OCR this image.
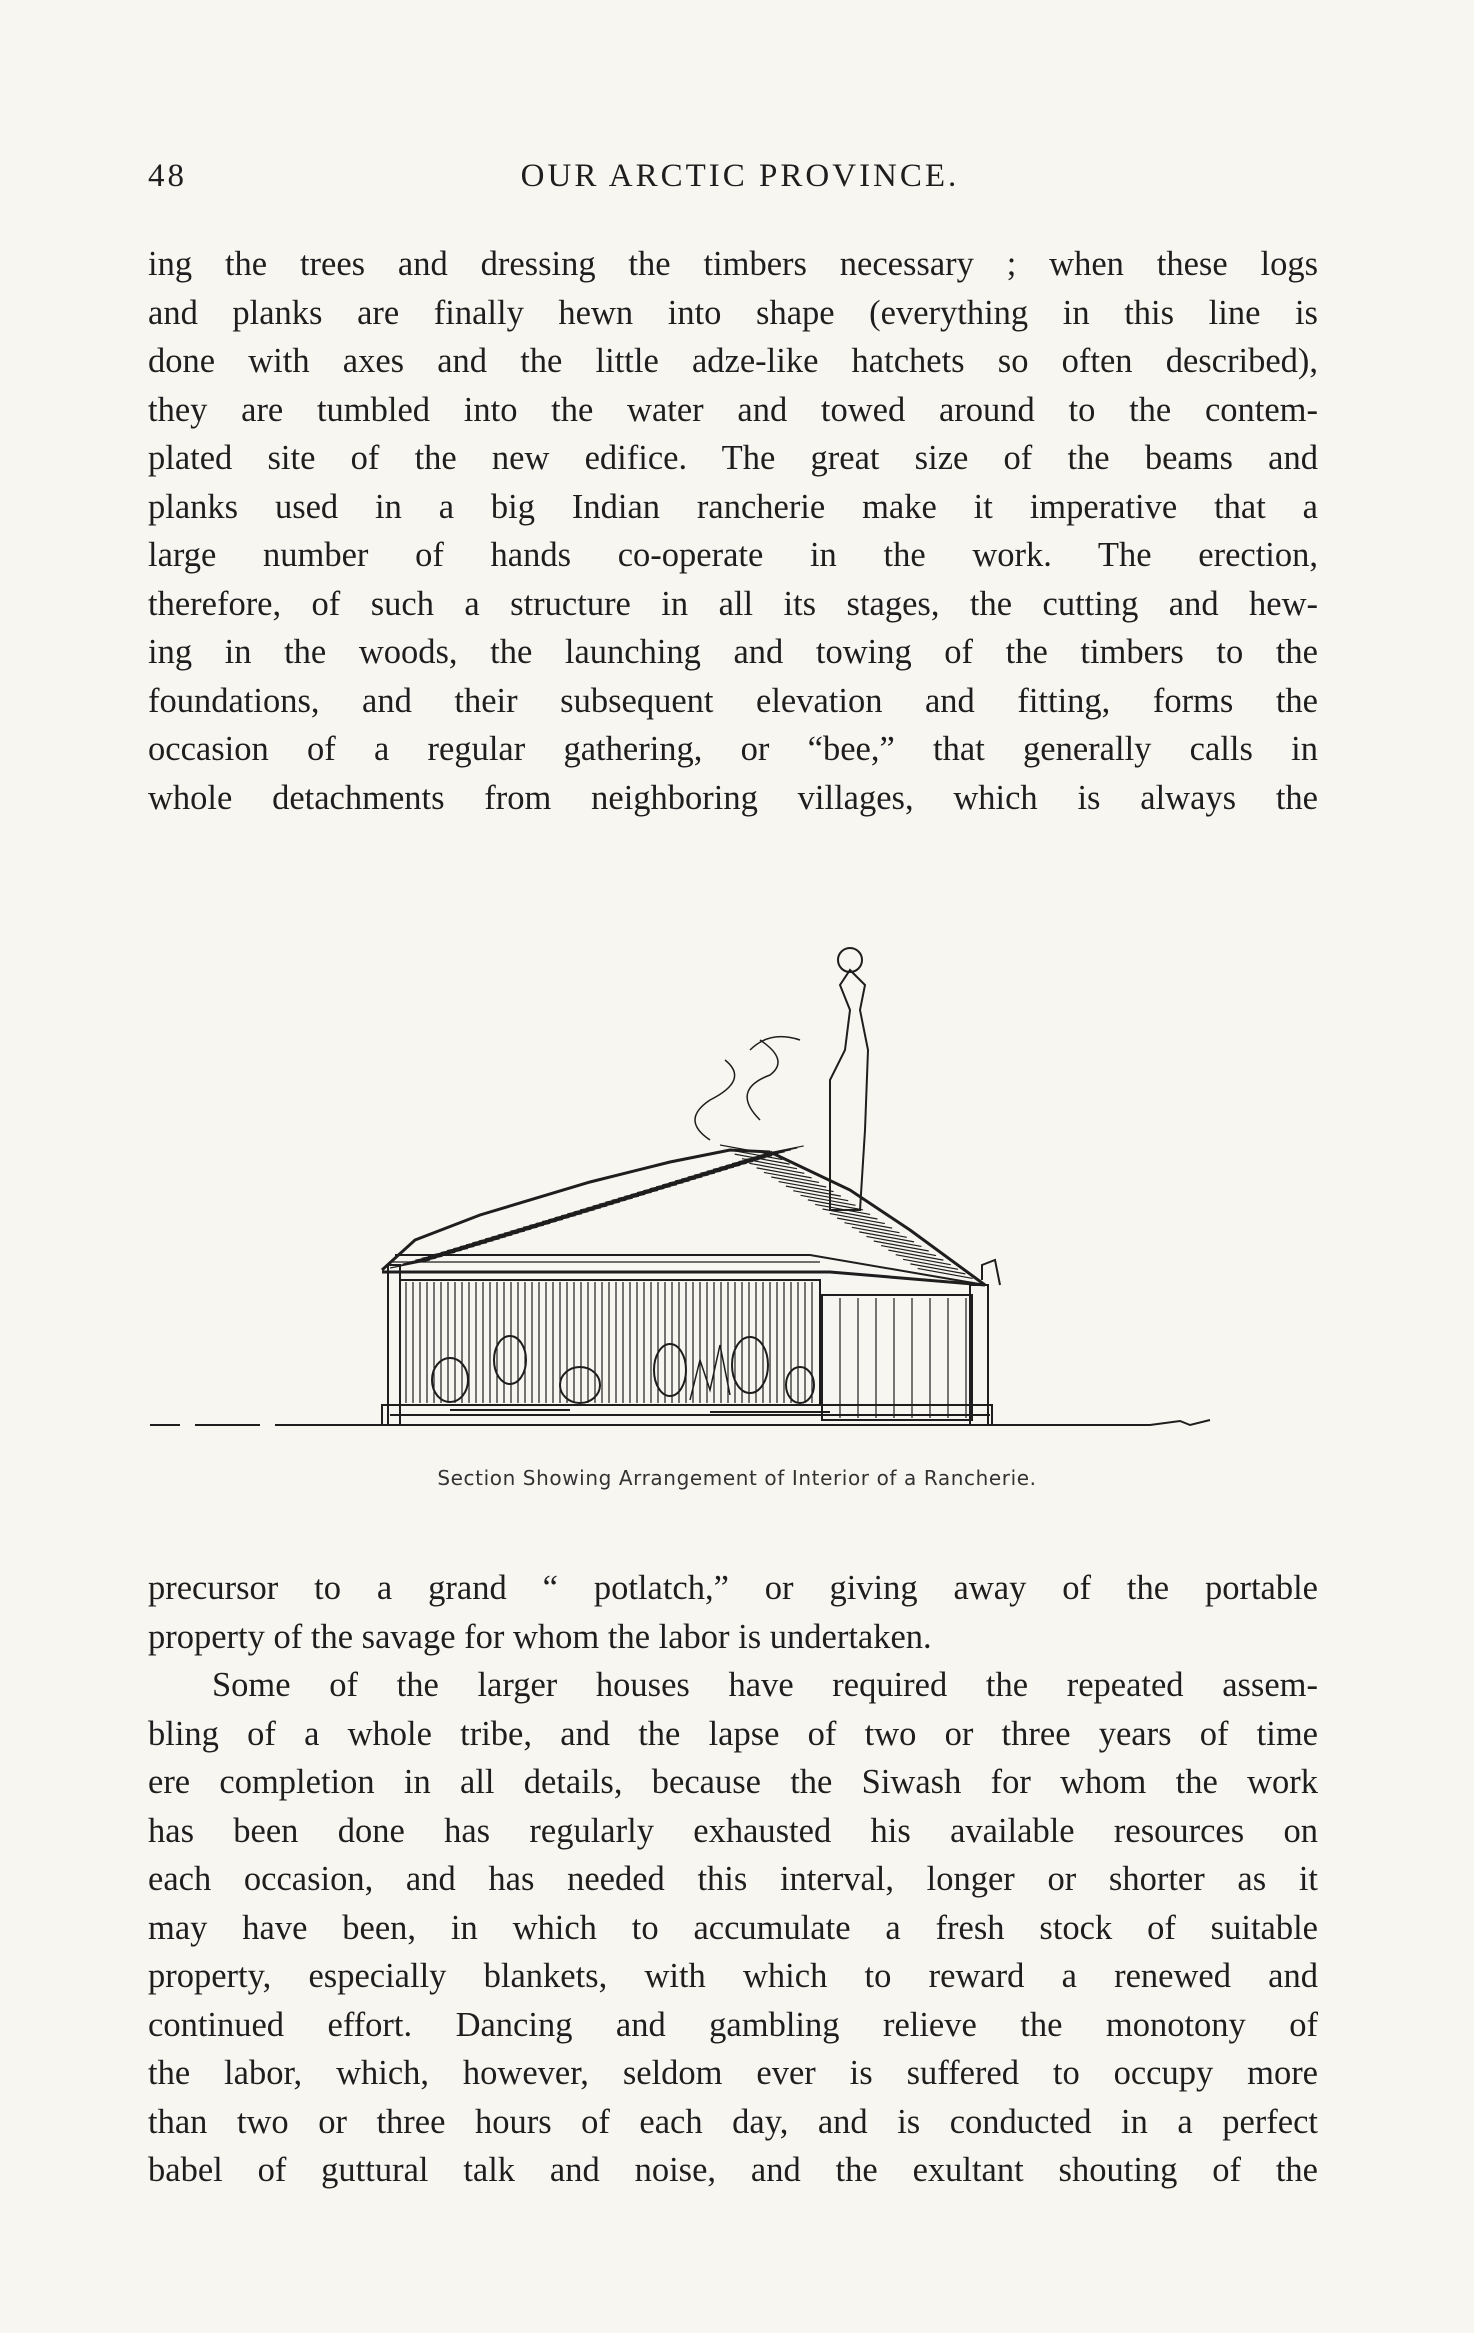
48	OUR ARCTIC PROVINCE.
ing the trees and dressing the timbers necessary ; when these logs
and planks are finally hewn into shape (everything in this line is
done with axes and the little adze-like hatchets so often described),
they are tumbled into the water and towed around to the contem-
plated site of the new edifice. The great size of the beams and
planks used in a big Indian rancherie make it imperative that a
large number of hands co-operate in the work. The erection,
therefore, of such a structure in all its stages, the cutting and hew-
ing in the woods, the launching and towing of the timbers to the
foundations, and their subsequent elevation and fitting, forms the
occasion of a regular gathering, or “bee,” that generally calls in
whole detachments from neighboring villages, which is always the
Section Showing Arrangement of Interior of a Rancherie.
precursor to a grand “ potlatch,” or giving away of the portable
property of the savage for whom the labor is undertaken.
Some of the larger houses have required the repeated assem-
bling of a whole tribe, and the lapse of two or three years of time
ere completion in all details, because the Siwash for whom the work
has been done has regularly exhausted his available resources on
each occasion, and has needed this interval, longer or shorter as it
may have been, in which to accumulate a fresh stock of suitable
property, especially blankets, with which to reward a renewed and
continued effort. Dancing and gambling relieve the monotony of
the labor, which, however, seldom ever is suffered to occupy more
than two or three hours of each day, and is conducted in a perfect
babel of guttural talk and noise, and the exultant shouting of the
